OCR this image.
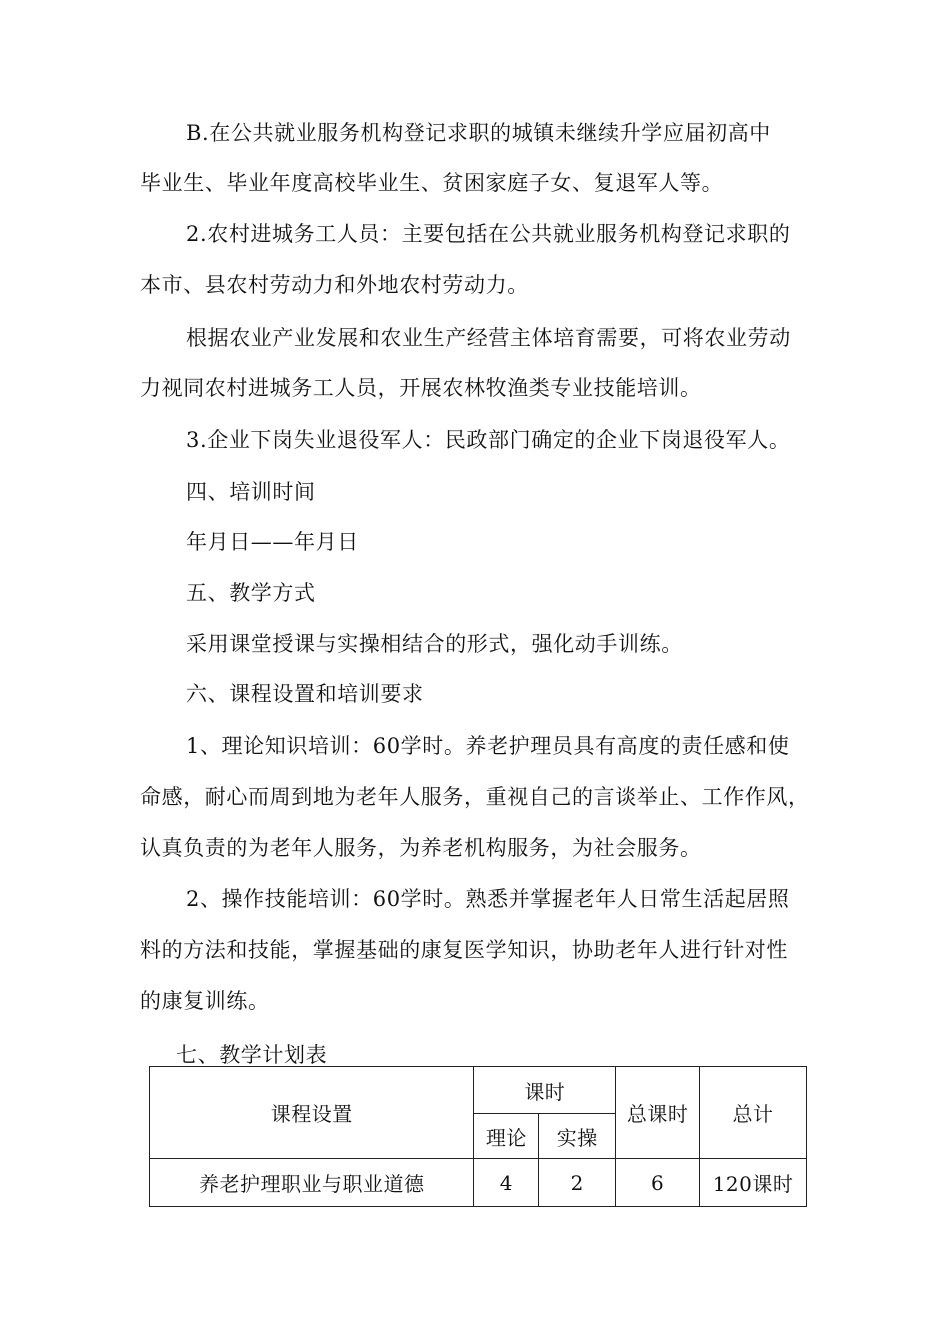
B.在公共就业服务机构登记求职的城镇未继续升学应届初高中
毕业生、毕业年度高校毕业生、贫困家庭子女、复退军人等。
2.农村进城务工人员：主要包括在公共就业服务机构登记求职的
本市、县农村劳动力和外地农村劳动力。
根据农业产业发展和农业生产经营主体培育需要，可将农业劳动
力视同农村进城务工人员，开展农林牧渔类专业技能培训。
3.企业下岗失业退役军人：民政部门确定的企业下岗退役军人。
四、培训时间
年月日——年月日
五、教学方式
采用课堂授课与实操相结合的形式，强化动手训练。
六、课程设置和培训要求
1、理论知识培训：60学时。养老护理员具有高度的责任感和使
命感，耐心而周到地为老年人服务，重视自己的言谈举止、工作作风，
认真负责的为老年人服务，为养老机构服务，为社会服务。
2、操作技能培训：60学时。熟悉并掌握老年人日常生活起居照
料的方法和技能，掌握基础的康复医学知识，协助老年人进行针对性
的康复训练。
七、教学计划表
课程设置	课时		总课时	总计
	理论	实操		
养老护理职业与职业道德	4	2	6	120课时
